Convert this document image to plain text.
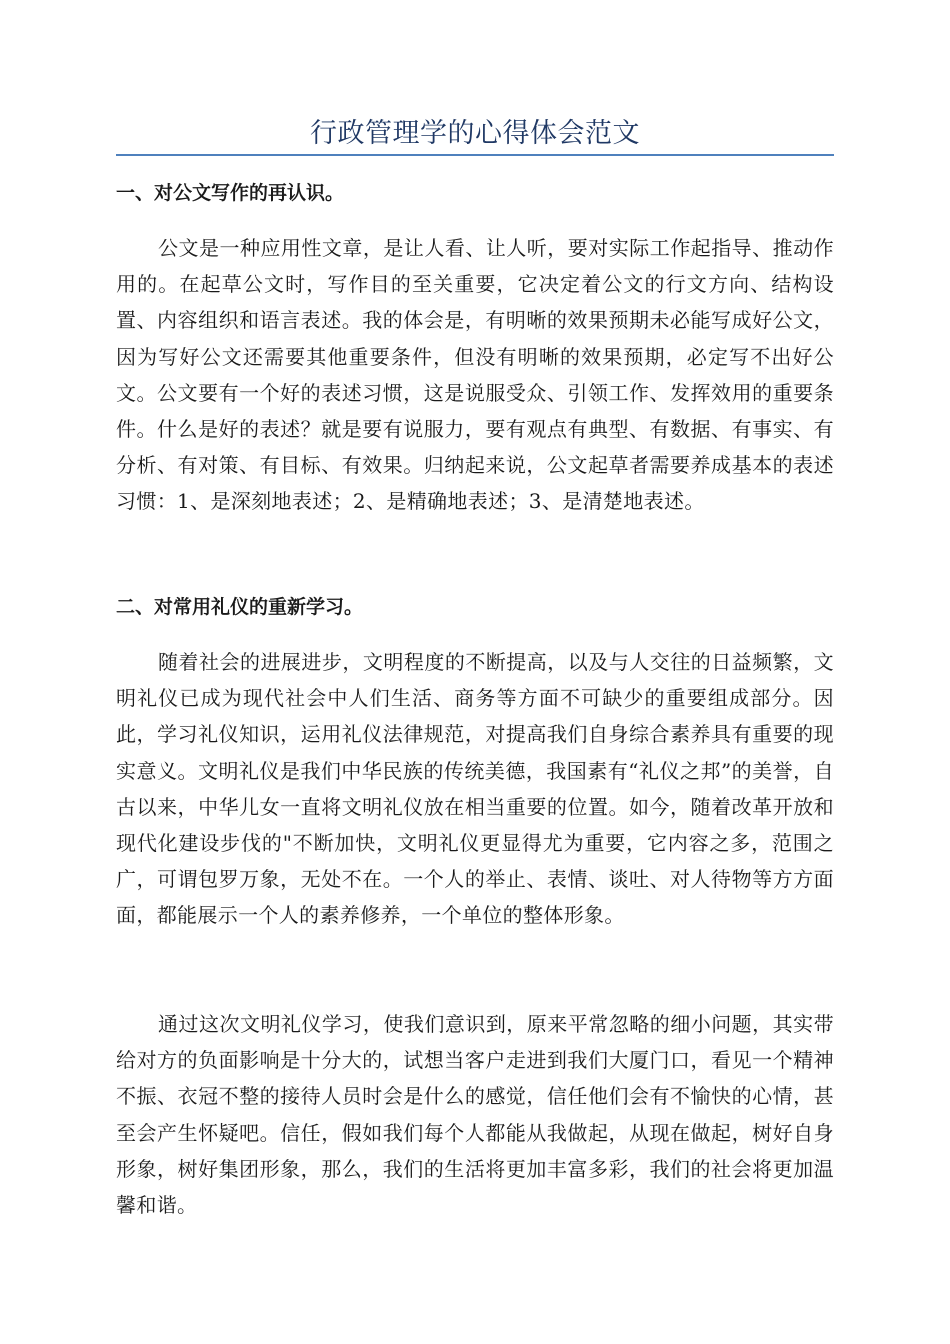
行政管理学的心得体会范文
一、对公文写作的再认识。

公文是一种应用性文章，是让人看、让人听，要对实际工作起指导、推动作用的。在起草公文时，写作目的至关重要，它决定着公文的行文方向、结构设置、内容组织和语言表述。我的体会是，有明晰的效果预期未必能写成好公文，因为写好公文还需要其他重要条件，但没有明晰的效果预期，必定写不出好公文。公文要有一个好的表述习惯，这是说服受众、引领工作、发挥效用的重要条件。什么是好的表述？就是要有说服力，要有观点有典型、有数据、有事实、有分析、有对策、有目标、有效果。归纳起来说，公文起草者需要养成基本的表述习惯：1、是深刻地表述；2、是精确地表述；3、是清楚地表述。

二、对常用礼仪的重新学习。

随着社会的进展进步，文明程度的不断提高，以及与人交往的日益频繁，文明礼仪已成为现代社会中人们生活、商务等方面不可缺少的重要组成部分。因此，学习礼仪知识，运用礼仪法律规范，对提高我们自身综合素养具有重要的现实意义。文明礼仪是我们中华民族的传统美德，我国素有“礼仪之邦”的美誉，自古以来，中华儿女一直将文明礼仪放在相当重要的位置。如今，随着改革开放和现代化建设步伐的"不断加快，文明礼仪更显得尤为重要，它内容之多，范围之广，可谓包罗万象，无处不在。一个人的举止、表情、谈吐、对人待物等方方面面，都能展示一个人的素养修养，一个单位的整体形象。

通过这次文明礼仪学习，使我们意识到，原来平常忽略的细小问题，其实带给对方的负面影响是十分大的，试想当客户走进到我们大厦门口，看见一个精神不振、衣冠不整的接待人员时会是什么的感觉，信任他们会有不愉快的心情，甚至会产生怀疑吧。信任，假如我们每个人都能从我做起，从现在做起，树好自身形象，树好集团形象，那么，我们的生活将更加丰富多彩，我们的社会将更加温馨和谐。
